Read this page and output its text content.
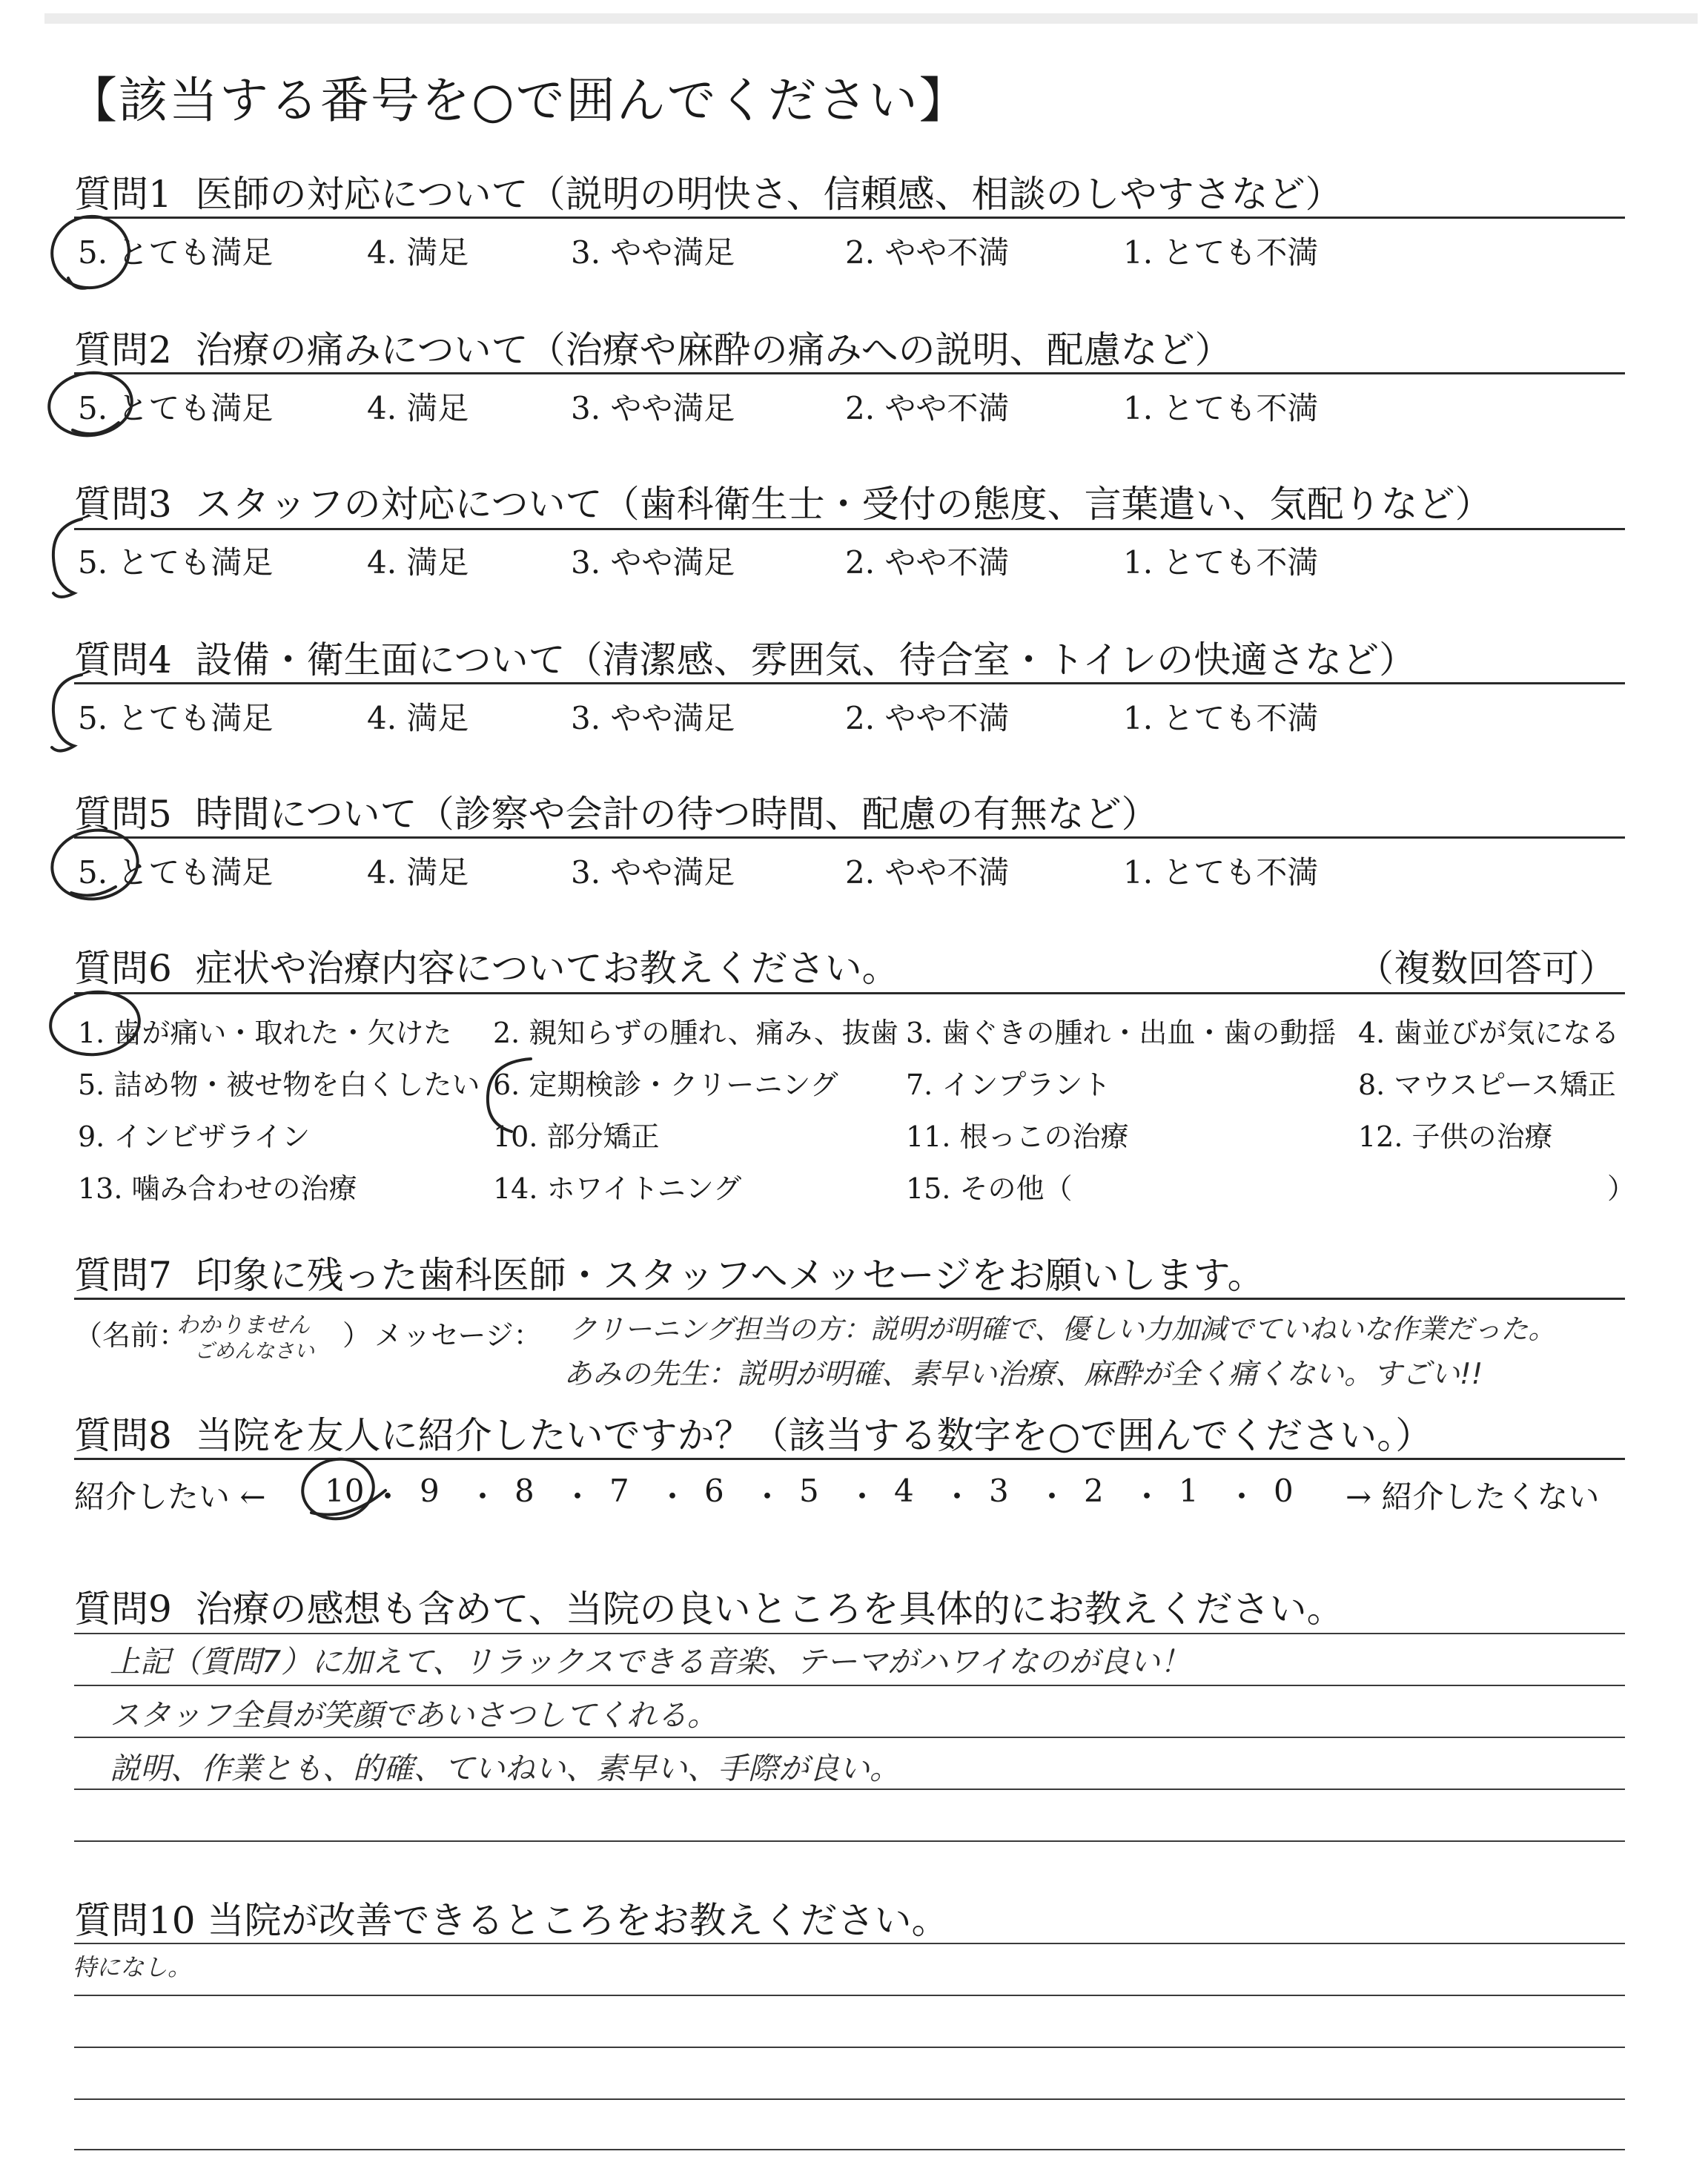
【該当する番号を○で囲んでください】
質問1 医師の対応について（説明の明快さ、信頼感、相談のしやすさなど）
5. とても満足	4. 満足	3. やや満足	2. やや不満	1. とても不満
質問2 治療の痛みについて（治療や麻酔の痛みへの説明、配慮など）
5. とても満足	4. 満足	3. やや満足	2. やや不満	1. とても不満
質問3 スタッフの対応について（歯科衛生士・受付の態度、言葉遣い、気配りなど）
5. とても満足	4. 満足	3. やや満足	2. やや不満	1. とても不満
質問4 設備・衛生面について（清潔感、雰囲気、待合室・トイレの快適さなど）
5. とても満足	4. 満足	3. やや満足	2. やや不満	1. とても不満
質問5 時間について（診察や会計の待つ時間、配慮の有無など）
5. とても満足	4. 満足	3. やや満足	2. やや不満	1. とても不満
質問6 症状や治療内容についてお教えください。	（複数回答可）
1. 歯が痛い・取れた・欠けた 2. 親知らずの腫れ、痛み、抜歯 3. 歯ぐきの腫れ・出血・歯の動揺 4. 歯並びが気になる
5. 詰め物・被せ物を白くしたい 6. 定期検診・クリーニング 7. インプラント	8. マウスピース矯正
9. インビザライン	10. 部分矯正	11. 根っこの治療	12. 子供の治療
13. 噛み合わせの治療	14. ホワイトニング	15. その他（	）
質問7 印象に残った歯科医師・スタッフへメッセージをお願いします。
（名前：
わかりません
ごめんなさい ） メッセージ： クリーニング担当の方：説明が明確で、優しい力加減でていねいな作業だった。
あみの先生：説明が明確、素早い治療、麻酔が全く痛くない。すごい!!
質問8 当院を友人に紹介したいですか？（該当する数字を○で囲んでください。）
紹介したい ← 10 ・ 9 ・ 8 ・ 7 ・ 6 ・ 5 ・ 4 ・ 3 ・ 2 ・ 1 ・ 0 → 紹介したくない
質問9 治療の感想も含めて、当院の良いところを具体的にお教えください。
上記（質問7）に加えて、リラックスできる音楽、テーマがハワイなのが良い！
スタッフ全員が笑顔であいさつしてくれる。
説明、作業とも、的確、ていねい、素早い、手際が良い。
質問10 当院が改善できるところをお教えください。
特になし。
